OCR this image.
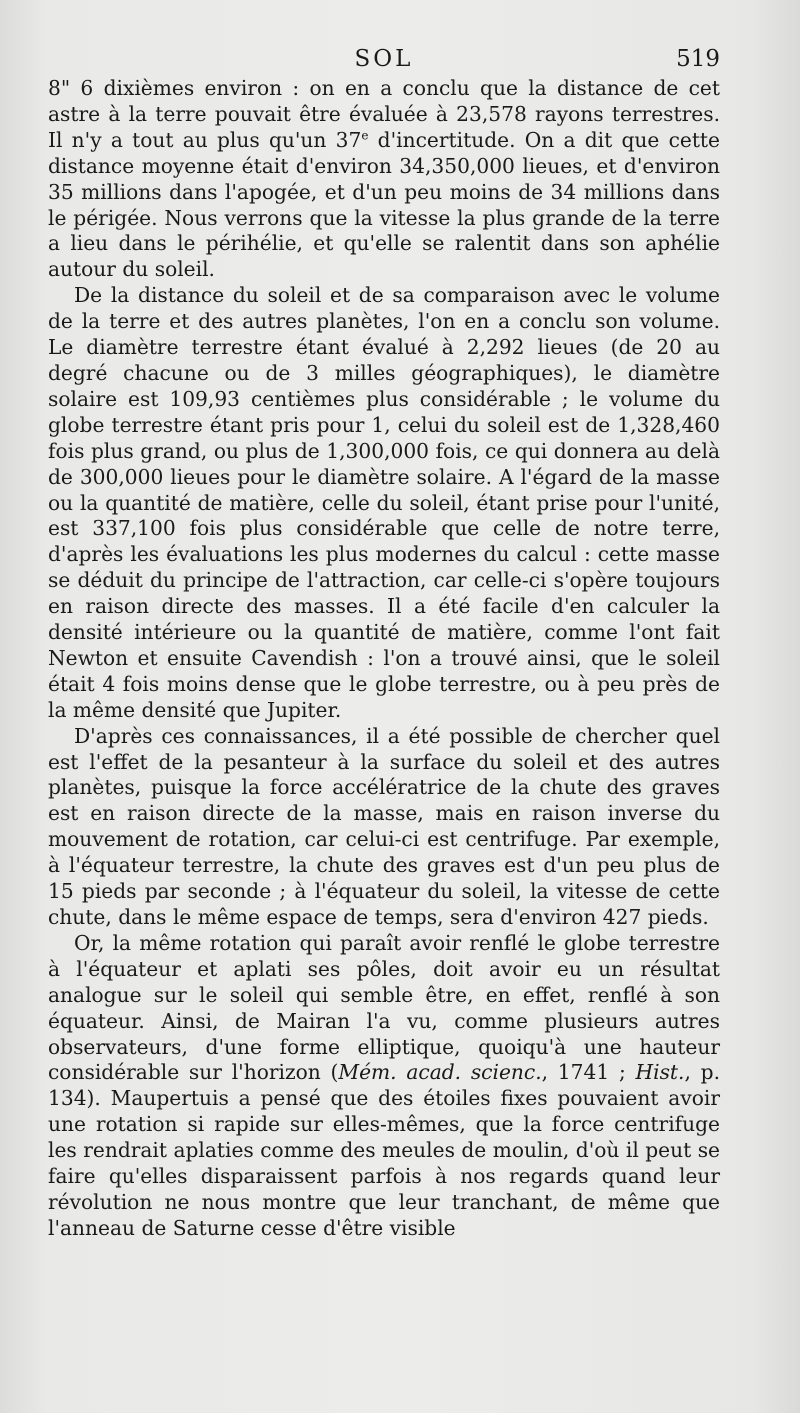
SOL	519

8" 6 dixièmes environ : on en a conclu que la distance de cet astre à la terre pouvait être évaluée à 23,578 rayons terrestres. Il n'y a tout au plus qu'un 37e d'incertitude. On a dit que cette distance moyenne était d'environ 34,350,000 lieues, et d'environ 35 millions dans l'apogée, et d'un peu moins de 34 millions dans le périgée. Nous verrons que la vitesse la plus grande de la terre a lieu dans le périhélie, et qu'elle se ralentit dans son aphélie autour du soleil.

De la distance du soleil et de sa comparaison avec le volume de la terre et des autres planètes, l'on en a conclu son volume. Le diamètre terrestre étant évalué à 2,292 lieues (de 20 au degré chacune ou de 3 milles géographiques), le diamètre solaire est 109,93 centièmes plus considérable ; le volume du globe terrestre étant pris pour 1, celui du soleil est de 1,328,460 fois plus grand, ou plus de 1,300,000 fois, ce qui donnera au delà de 300,000 lieues pour le diamètre solaire. A l'égard de la masse ou la quantité de matière, celle du soleil, étant prise pour l'unité, est 337,100 fois plus considérable que celle de notre terre, d'après les évaluations les plus modernes du calcul : cette masse se déduit du principe de l'attraction, car celle-ci s'opère toujours en raison directe des masses. Il a été facile d'en calculer la densité intérieure ou la quantité de matière, comme l'ont fait Newton et ensuite Cavendish : l'on a trouvé ainsi, que le soleil était 4 fois moins dense que le globe terrestre, ou à peu près de la même densité que Jupiter.

D'après ces connaissances, il a été possible de chercher quel est l'effet de la pesanteur à la surface du soleil et des autres planètes, puisque la force accélératrice de la chute des graves est en raison directe de la masse, mais en raison inverse du mouvement de rotation, car celui-ci est centrifuge. Par exemple, à l'équateur terrestre, la chute des graves est d'un peu plus de 15 pieds par seconde ; à l'équateur du soleil, la vitesse de cette chute, dans le même espace de temps, sera d'environ 427 pieds.

Or, la même rotation qui paraît avoir renflé le globe terrestre à l'équateur et aplati ses pôles, doit avoir eu un résultat analogue sur le soleil qui semble être, en effet, renflé à son équateur. Ainsi, de Mairan l'a vu, comme plusieurs autres observateurs, d'une forme elliptique, quoiqu'à une hauteur considérable sur l'horizon (Mém. acad. scienc., 1741 ; Hist., p. 134). Maupertuis a pensé que des étoiles fixes pouvaient avoir une rotation si rapide sur elles-mêmes, que la force centrifuge les rendrait aplaties comme des meules de moulin, d'où il peut se faire qu'elles disparaissent parfois à nos regards quand leur révolution ne nous montre que leur tranchant, de même que l'anneau de Saturne cesse d'être visible
